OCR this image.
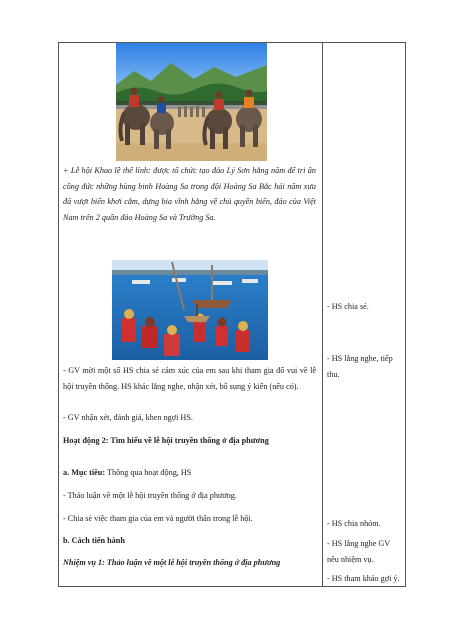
+ Lễ hội Khao lề thế lính: được tổ chức tạo đảo Lý Sơn hằng năm để tri ân công đức những hùng binh Hoàng Sa trong đội Hoàng Sa Bắc hải năm xưa đã vượt biển khơi cắm, dựng bia vĩnh hằng về chủ quyền biển, đảo của Việt Nam trên 2 quần đảo Hoàng Sa và Trường Sa.

- GV mời một số HS chia sẻ cảm xúc của em sau khi tham gia đố vui về lễ hội truyền thống. HS khác lắng nghe, nhận xét, bổ sung ý kiến (nếu có).

- GV nhận xét, đánh giá, khen ngợi HS.

Hoạt động 2: Tìm hiểu về lễ hội truyền thống ở địa phương

a. Mục tiêu: Thông qua hoạt động, HS

- Thảo luận về một lễ hội truyền thống ở địa phương.

- Chia sẻ việc tham gia của em và người thân trong lễ hội.

b. Cách tiến hành

Nhiệm vụ 1: Thảo luận về một lễ hội truyền thống ở địa phương

- HS chia sẻ.

- HS lắng nghe, tiếp thu.

- HS chia nhóm.

- HS lắng nghe GV nêu nhiệm vụ.

- HS tham khảo gợi ý.
